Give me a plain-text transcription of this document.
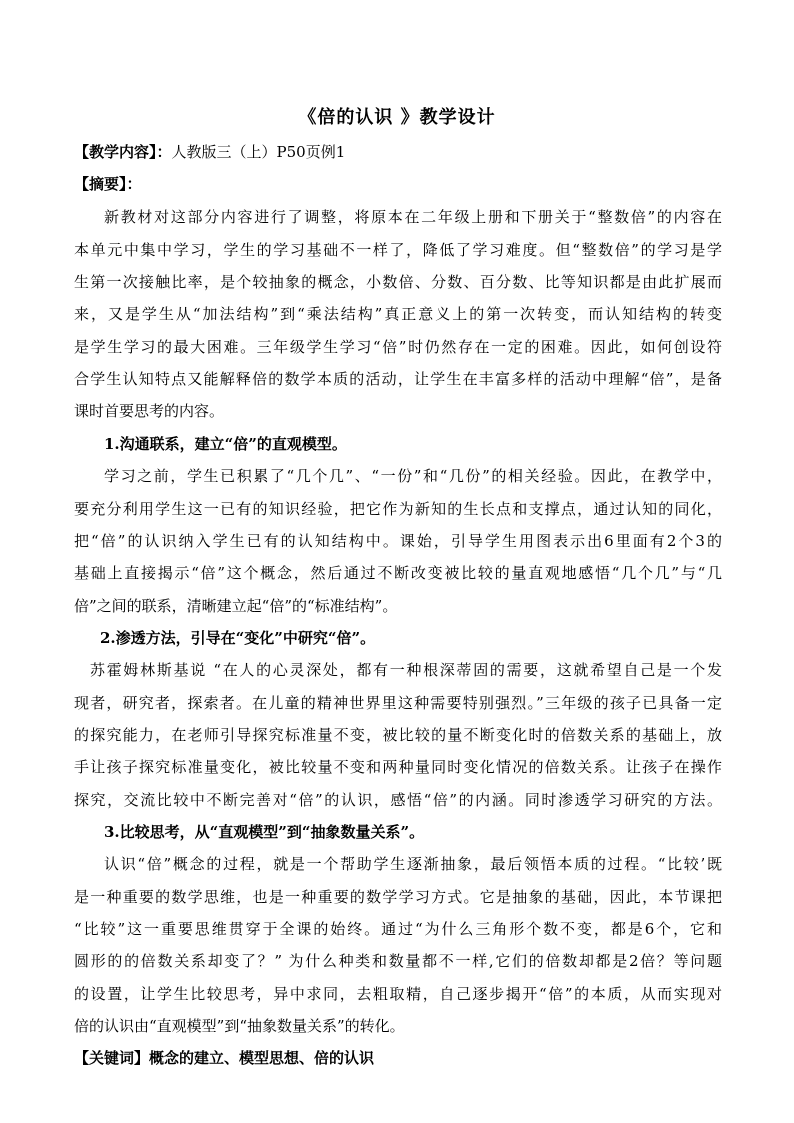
《倍的认识 》教学设计
【教学内容】：人教版三（上）P50页例1
【摘要】：
新教材对这部分内容进行了调整，将原本在二年级上册和下册关于“整数倍”的内容在
本单元中集中学习，学生的学习基础不一样了，降低了学习难度。但“整数倍”的学习是学
生第一次接触比率，是个较抽象的概念，小数倍、分数、百分数、比等知识都是由此扩展而
来，又是学生从“加法结构”到“乘法结构”真正意义上的第一次转变，而认知结构的转变
是学生学习的最大困难。三年级学生学习“倍”时仍然存在一定的困难。因此，如何创设符
合学生认知特点又能解释倍的数学本质的活动，让学生在丰富多样的活动中理解“倍”，是备
课时首要思考的内容。
1.沟通联系，建立“倍”的直观模型。
学习之前，学生已积累了“几个几”、“一份”和“几份”的相关经验。因此，在教学中，
要充分利用学生这一已有的知识经验，把它作为新知的生长点和支撑点，通过认知的同化，
把“倍”的认识纳入学生已有的认知结构中。课始，引导学生用图表示出6里面有2个3的
基础上直接揭示“倍”这个概念，然后通过不断改变被比较的量直观地感悟“几个几”与“几
倍”之间的联系，清晰建立起“倍”的“标准结构”。
2.渗透方法，引导在“变化”中研究“倍”。
苏霍姆林斯基说 “在人的心灵深处，都有一种根深蒂固的需要，这就希望自己是一个发
现者，研究者，探索者。在儿童的精神世界里这种需要特别强烈。”三年级的孩子已具备一定
的探究能力，在老师引导探究标准量不变，被比较的量不断变化时的倍数关系的基础上，放
手让孩子探究标准量变化，被比较量不变和两种量同时变化情况的倍数关系。让孩子在操作
探究，交流比较中不断完善对“倍”的认识，感悟“倍”的内涵。同时渗透学习研究的方法。
3.比较思考，从“直观模型”到“抽象数量关系”。
认识“倍”概念的过程，就是一个帮助学生逐渐抽象，最后领悟本质的过程。“比较’既
是一种重要的数学思维，也是一种重要的数学学习方式。它是抽象的基础，因此，本节课把
“比较”这一重要思维贯穿于全课的始终。通过“为什么三角形个数不变，都是6个，它和
圆形的的倍数关系却变了？” 为什么种类和数量都不一样,它们的倍数却都是2倍？等问题
的设置，让学生比较思考，异中求同，去粗取精，自己逐步揭开“倍”的本质，从而实现对
倍的认识由“直观模型”到“抽象数量关系”的转化。
【关键词】概念的建立、模型思想、倍的认识
